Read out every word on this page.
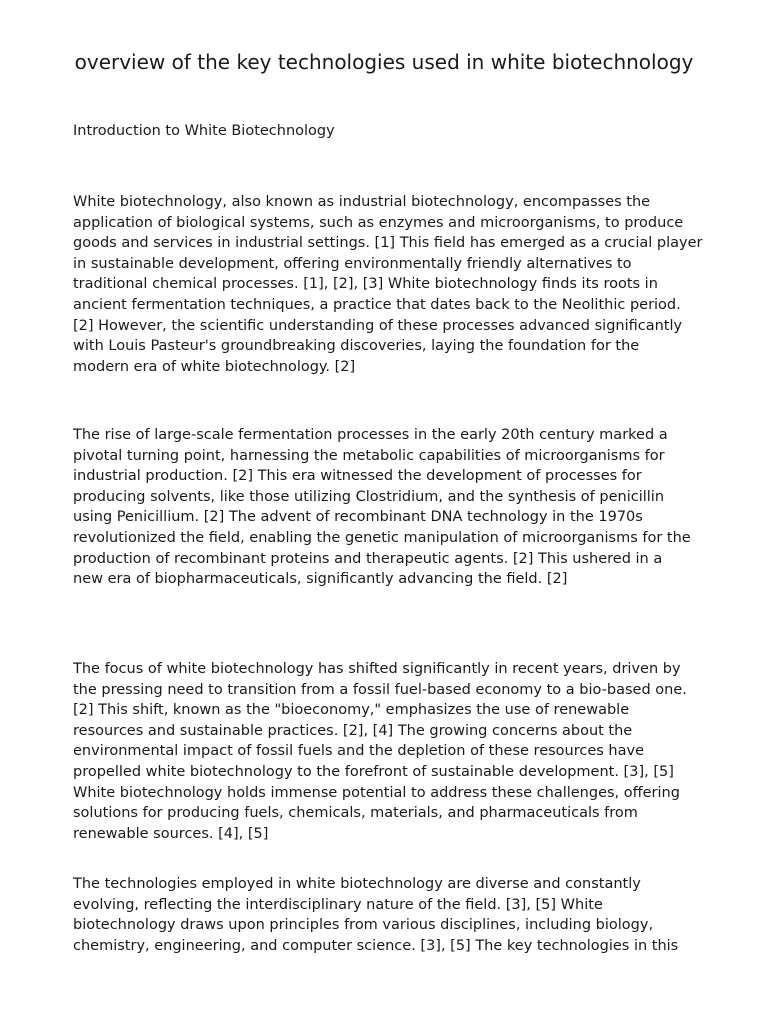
overview of the key technologies used in white biotechnology
Introduction to White Biotechnology

White biotechnology, also known as industrial biotechnology, encompasses the
application of biological systems, such as enzymes and microorganisms, to produce
goods and services in industrial settings. [1] This field has emerged as a crucial player
in sustainable development, offering environmentally friendly alternatives to
traditional chemical processes. [1], [2], [3] White biotechnology finds its roots in
ancient fermentation techniques, a practice that dates back to the Neolithic period.
[2] However, the scientific understanding of these processes advanced significantly
with Louis Pasteur's groundbreaking discoveries, laying the foundation for the
modern era of white biotechnology. [2]

The rise of large-scale fermentation processes in the early 20th century marked a
pivotal turning point, harnessing the metabolic capabilities of microorganisms for
industrial production. [2] This era witnessed the development of processes for
producing solvents, like those utilizing Clostridium, and the synthesis of penicillin
using Penicillium. [2] The advent of recombinant DNA technology in the 1970s
revolutionized the field, enabling the genetic manipulation of microorganisms for the
production of recombinant proteins and therapeutic agents. [2] This ushered in a
new era of biopharmaceuticals, significantly advancing the field. [2]

The focus of white biotechnology has shifted significantly in recent years, driven by
the pressing need to transition from a fossil fuel-based economy to a bio-based one.
[2] This shift, known as the "bioeconomy," emphasizes the use of renewable
resources and sustainable practices. [2], [4] The growing concerns about the
environmental impact of fossil fuels and the depletion of these resources have
propelled white biotechnology to the forefront of sustainable development. [3], [5]
White biotechnology holds immense potential to address these challenges, offering
solutions for producing fuels, chemicals, materials, and pharmaceuticals from
renewable sources. [4], [5]

The technologies employed in white biotechnology are diverse and constantly
evolving, reflecting the interdisciplinary nature of the field. [3], [5] White
biotechnology draws upon principles from various disciplines, including biology,
chemistry, engineering, and computer science. [3], [5] The key technologies in this
